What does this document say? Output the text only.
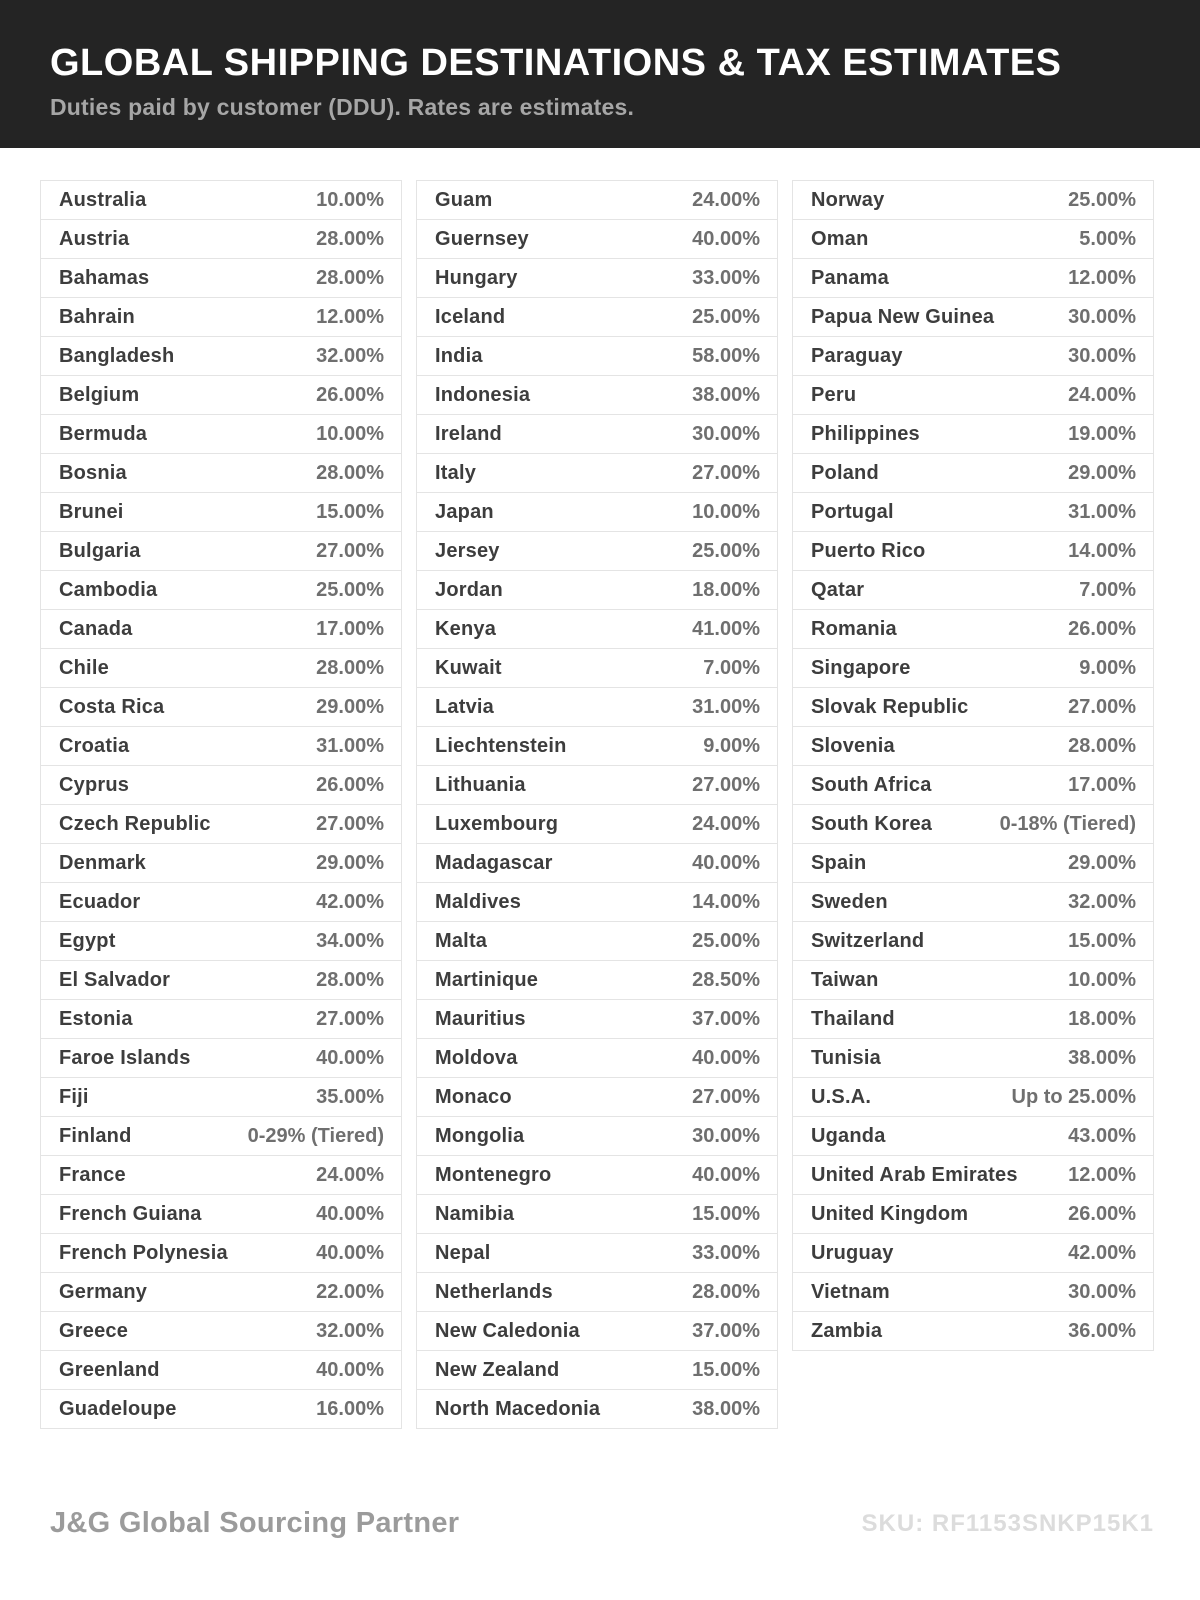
GLOBAL SHIPPING DESTINATIONS & TAX ESTIMATES

Duties paid by customer (DDU). Rates are estimates.

Australia	10.00%
Austria	28.00%
Bahamas	28.00%
Bahrain	12.00%
Bangladesh	32.00%
Belgium	26.00%
Bermuda	10.00%
Bosnia	28.00%
Brunei	15.00%
Bulgaria	27.00%
Cambodia	25.00%
Canada	17.00%
Chile	28.00%
Costa Rica	29.00%
Croatia	31.00%
Cyprus	26.00%
Czech Republic	27.00%
Denmark	29.00%
Ecuador	42.00%
Egypt	34.00%
El Salvador	28.00%
Estonia	27.00%
Faroe Islands	40.00%
Fiji	35.00%
Finland	0-29% (Tiered)
France	24.00%
French Guiana	40.00%
French Polynesia	40.00%
Germany	22.00%
Greece	32.00%
Greenland	40.00%
Guadeloupe	16.00%
Guam	24.00%
Guernsey	40.00%
Hungary	33.00%
Iceland	25.00%
India	58.00%
Indonesia	38.00%
Ireland	30.00%
Italy	27.00%
Japan	10.00%
Jersey	25.00%
Jordan	18.00%
Kenya	41.00%
Kuwait	7.00%
Latvia	31.00%
Liechtenstein	9.00%
Lithuania	27.00%
Luxembourg	24.00%
Madagascar	40.00%
Maldives	14.00%
Malta	25.00%
Martinique	28.50%
Mauritius	37.00%
Moldova	40.00%
Monaco	27.00%
Mongolia	30.00%
Montenegro	40.00%
Namibia	15.00%
Nepal	33.00%
Netherlands	28.00%
New Caledonia	37.00%
New Zealand	15.00%
North Macedonia	38.00%
Norway	25.00%
Oman	5.00%
Panama	12.00%
Papua New Guinea	30.00%
Paraguay	30.00%
Peru	24.00%
Philippines	19.00%
Poland	29.00%
Portugal	31.00%
Puerto Rico	14.00%
Qatar	7.00%
Romania	26.00%
Singapore	9.00%
Slovak Republic	27.00%
Slovenia	28.00%
South Africa	17.00%
South Korea	0-18% (Tiered)
Spain	29.00%
Sweden	32.00%
Switzerland	15.00%
Taiwan	10.00%
Thailand	18.00%
Tunisia	38.00%
U.S.A.	Up to 25.00%
Uganda	43.00%
United Arab Emirates	12.00%
United Kingdom	26.00%
Uruguay	42.00%
Vietnam	30.00%
Zambia	36.00%
J&G Global Sourcing Partner	SKU: RF1153SNKP15K1
